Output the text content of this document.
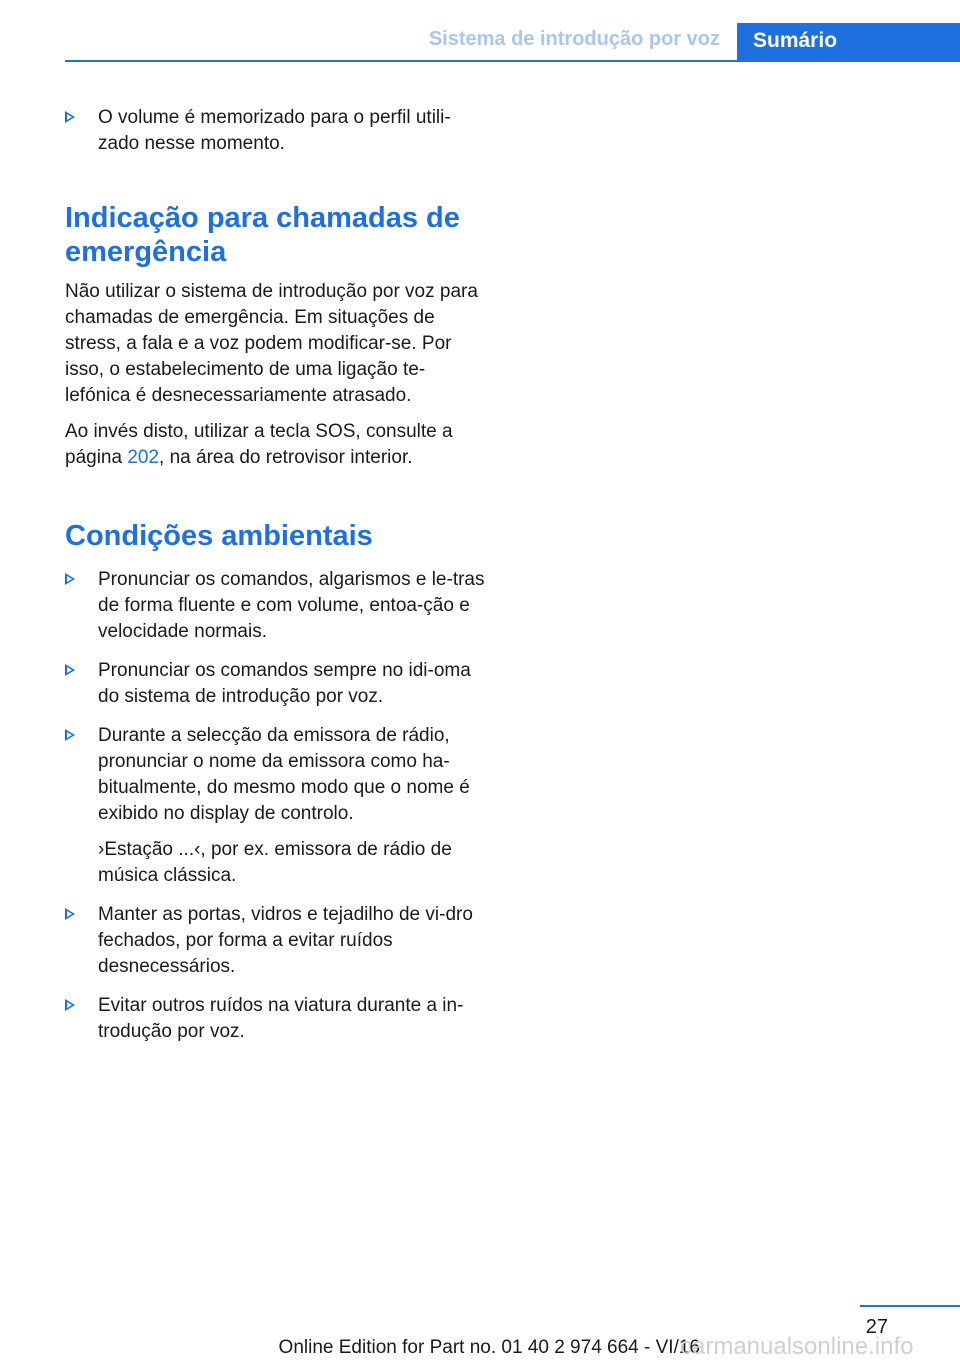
Sistema de introdução por voz	Sumário
O volume é memorizado para o perfil utili‐zado nesse momento.
Indicação para chamadas de emergência

Não utilizar o sistema de introdução por voz para chamadas de emergência. Em situações de stress, a fala e a voz podem modificar-se. Por isso, o estabelecimento de uma ligação te‐lefónica é desnecessariamente atrasado.

Ao invés disto, utilizar a tecla SOS, consulte a página 202, na área do retrovisor interior.

Condições ambientais
Pronunciar os comandos, algarismos e le‐tras de forma fluente e com volume, entoa‐ção e velocidade normais.
Pronunciar os comandos sempre no idi‐oma do sistema de introdução por voz.
Durante a selecção da emissora de rádio, pronunciar o nome da emissora como ha‐bitualmente, do mesmo modo que o nome é exibido no display de controlo.

›Estação ...‹, por ex. emissora de rádio de música clássica.

Manter as portas, vidros e tejadilho de vi‐dro fechados, por forma a evitar ruídos desnecessários.
Evitar outros ruídos na viatura durante a in‐trodução por voz.
27
Online Edition for Part no. 01 40 2 974 664 - VI/16
carmanualsonline.info
